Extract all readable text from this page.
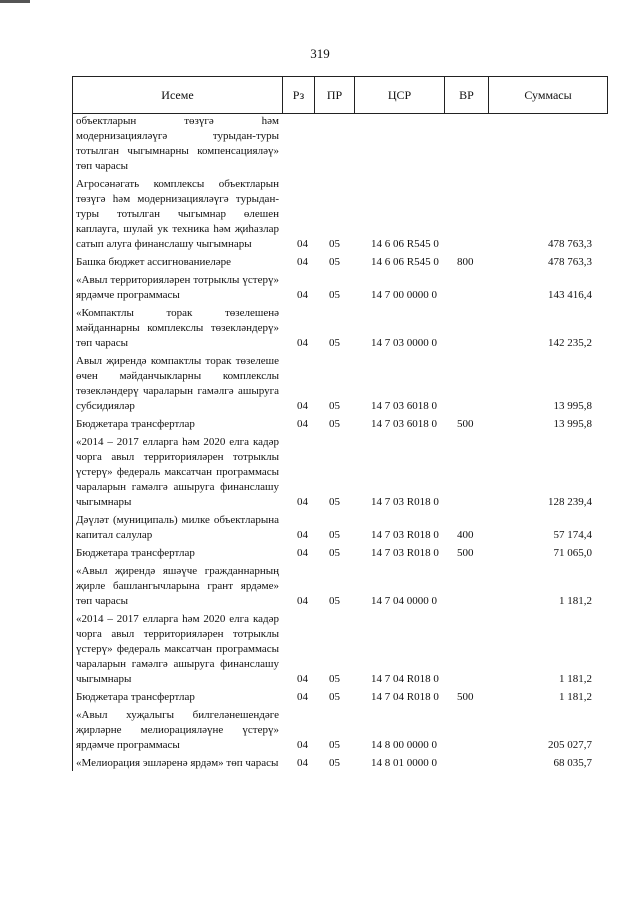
319
Исеме	Рз	ПР	ЦСР	ВР	Суммасы
объектларын төзүгә һәм модернизацияләүгә турыдан-туры тотылган чыгымнарны компенсацияләү» төп чарасы
Агросәнәгать комплексы объектларын төзүгә һәм модернизацияләүгә турыдан-туры тотылган чыгымнар өлешен каплауга, шулай ук техника һәм җиһазлар сатып алуга финанслашу чыгымнары	04	05	14 6 06 R545 0	478 763,3
Башка бюджет ассигнованиеләре	04	05	14 6 06 R545 0	800	478 763,3
«Авыл территорияләрен тотрыклы үстерү» ярдәмче программасы	04	05	14 7 00 0000 0	143 416,4
«Компактлы торак төзелешенә мәйданнарны комплекслы төзекләндерү» төп чарасы	04	05	14 7 03 0000 0	142 235,2
Авыл җирендә компактлы торак төзелеше өчен мәйданчыкларны комплекслы төзекләндерү чараларын гамәлгә ашыруга субсидияләр	04	05	14 7 03 6018 0	13 995,8
Бюджетара трансфертлар	04	05	14 7 03 6018 0	500	13 995,8
«2014 – 2017 елларга һәм 2020 елга кадәр чорга авыл территорияләрен тотрыклы үстерү» федераль максатчан программасы чараларын гамәлгә ашыруга финанслашу чыгымнары	04	05	14 7 03 R018 0	128 239,4
Дәүләт (муниципаль) милке объектларына капитал салулар	04	05	14 7 03 R018 0	400	57 174,4
Бюджетара трансфертлар	04	05	14 7 03 R018 0	500	71 065,0
«Авыл җирендә яшәүче гражданнарның җирле башлангычларына грант ярдәме» төп чарасы	04	05	14 7 04 0000 0	1 181,2
«2014 – 2017 елларга һәм 2020 елга кадәр чорга авыл территорияләрен тотрыклы үстерү» федераль максатчан программасы чараларын гамәлгә ашыруга финанслашу чыгымнары	04	05	14 7 04 R018 0	1 181,2
Бюджетара трансфертлар	04	05	14 7 04 R018 0	500	1 181,2
«Авыл хуҗалыгы билгеләнешендәге җирләрне мелиорацияләүне үстерү» ярдәмче программасы	04	05	14 8 00 0000 0	205 027,7
«Мелиорация эшләренә ярдәм» төп чарасы	04	05	14 8 01 0000 0	68 035,7
